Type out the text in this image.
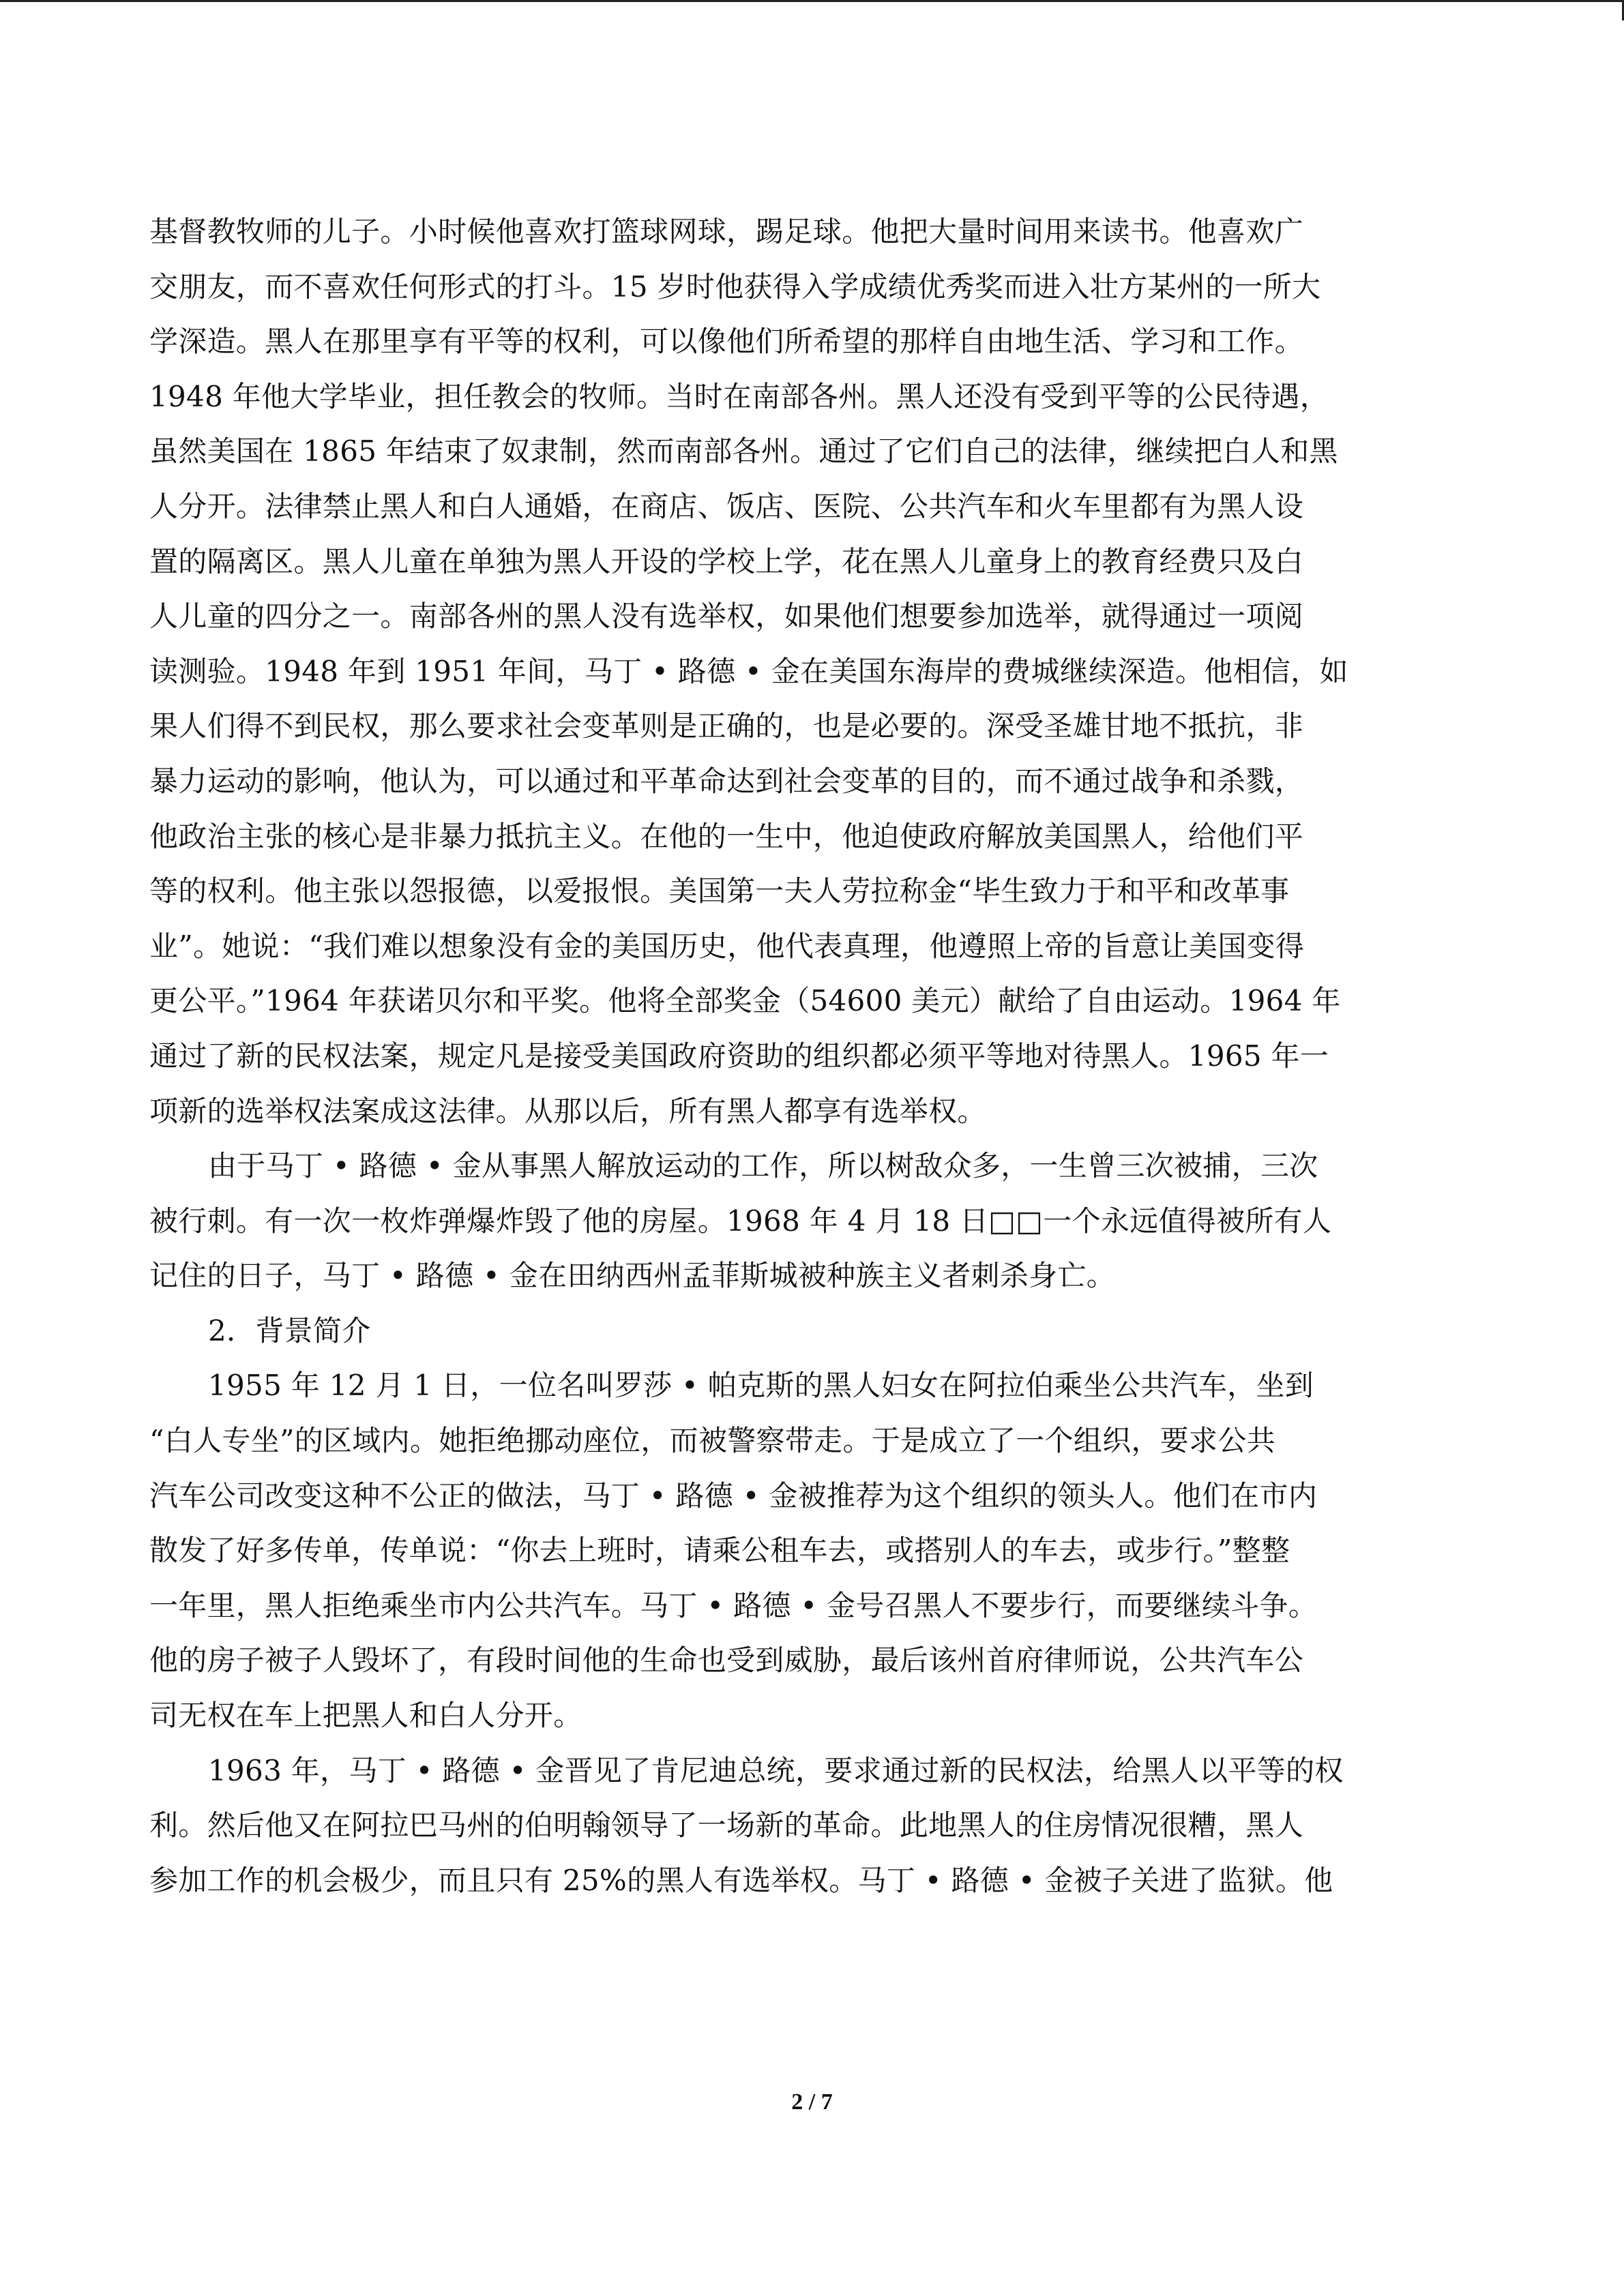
基督教牧师的儿子。小时候他喜欢打篮球网球，踢足球。他把大量时间用来读书。他喜欢广
交朋友，而不喜欢任何形式的打斗。15 岁时他获得入学成绩优秀奖而进入壮方某州的一所大
学深造。黑人在那里享有平等的权利，可以像他们所希望的那样自由地生活、学习和工作。
1948 年他大学毕业，担任教会的牧师。当时在南部各州。黑人还没有受到平等的公民待遇，
虽然美国在 1865 年结束了奴隶制，然而南部各州。通过了它们自己的法律，继续把白人和黑
人分开。法律禁止黑人和白人通婚，在商店、饭店、医院、公共汽车和火车里都有为黑人设
置的隔离区。黑人儿童在单独为黑人开设的学校上学，花在黑人儿童身上的教育经费只及白
人儿童的四分之一。南部各州的黑人没有选举权，如果他们想要参加选举，就得通过一项阅
读测验。1948 年到 1951 年间，马丁 • 路德 • 金在美国东海岸的费城继续深造。他相信，如
果人们得不到民权，那么要求社会变革则是正确的，也是必要的。深受圣雄甘地不抵抗，非
暴力运动的影响，他认为，可以通过和平革命达到社会变革的目的，而不通过战争和杀戮，
他政治主张的核心是非暴力抵抗主义。在他的一生中，他迫使政府解放美国黑人，给他们平
等的权利。他主张以怨报德，以爱报恨。美国第一夫人劳拉称金“毕生致力于和平和改革事
业”。她说：“我们难以想象没有金的美国历史，他代表真理，他遵照上帝的旨意让美国变得
更公平。”1964 年获诺贝尔和平奖。他将全部奖金（54600 美元）献给了自由运动。1964 年
通过了新的民权法案，规定凡是接受美国政府资助的组织都必须平等地对待黑人。1965 年一
项新的选举权法案成这法律。从那以后，所有黑人都享有选举权。
由于马丁 • 路德 • 金从事黑人解放运动的工作，所以树敌众多，一生曾三次被捕，三次
被行刺。有一次一枚炸弹爆炸毁了他的房屋。1968 年 4 月 18 日□□一个永远值得被所有人
记住的日子，马丁 • 路德 • 金在田纳西州孟菲斯城被种族主义者刺杀身亡。
2．背景简介
1955 年 12 月 1 日，一位名叫罗莎 • 帕克斯的黑人妇女在阿拉伯乘坐公共汽车，坐到
“白人专坐”的区域内。她拒绝挪动座位，而被警察带走。于是成立了一个组织，要求公共
汽车公司改变这种不公正的做法，马丁 • 路德 • 金被推荐为这个组织的领头人。他们在市内
散发了好多传单，传单说：“你去上班时，请乘公租车去，或搭别人的车去，或步行。”整整
一年里，黑人拒绝乘坐市内公共汽车。马丁 • 路德 • 金号召黑人不要步行，而要继续斗争。
他的房子被子人毁坏了，有段时间他的生命也受到威胁，最后该州首府律师说，公共汽车公
司无权在车上把黑人和白人分开。
1963 年，马丁 • 路德 • 金晋见了肯尼迪总统，要求通过新的民权法，给黑人以平等的权
利。然后他又在阿拉巴马州的伯明翰领导了一场新的革命。此地黑人的住房情况很糟，黑人
参加工作的机会极少，而且只有 25%的黑人有选举权。马丁 • 路德 • 金被子关进了监狱。他
2 / 7
